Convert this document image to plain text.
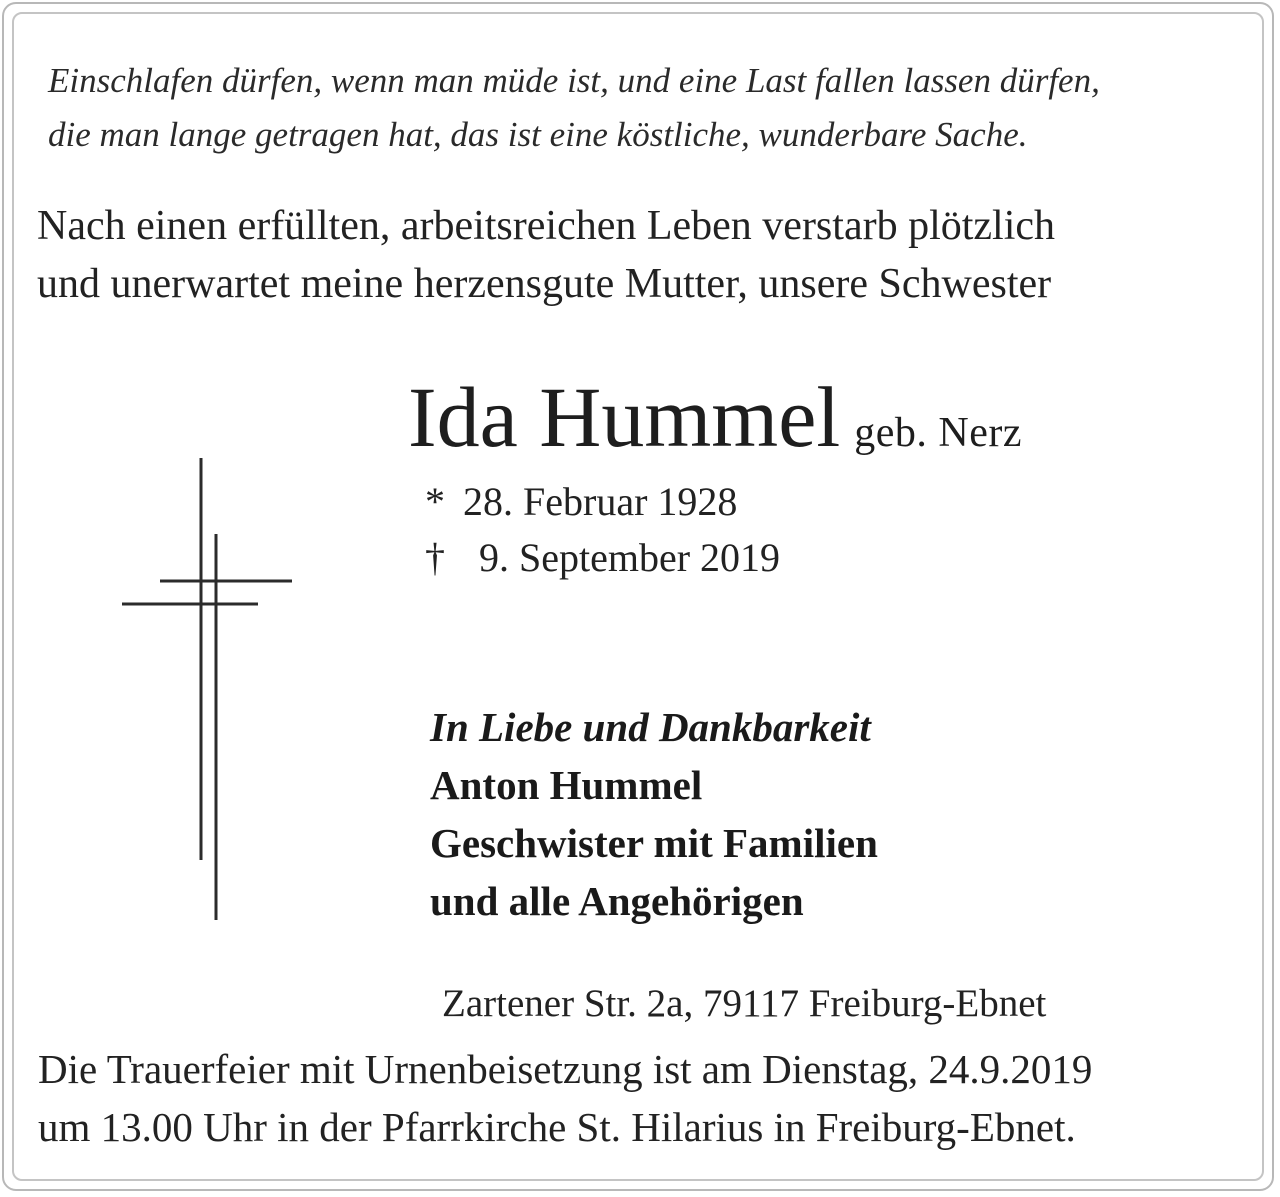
Einschlafen dürfen, wenn man müde ist, und eine Last fallen lassen dürfen,
die man lange getragen hat, das ist eine köstliche, wunderbare Sache.
Nach einen erfüllten, arbeitsreichen Leben verstarb plötzlich
und unerwartet meine herzensgute Mutter, unsere Schwester
Ida Hummel geb. Nerz
* 28. Februar 1928
† 9. September 2019
In Liebe und Dankbarkeit
Anton Hummel
Geschwister mit Familien
und alle Angehörigen
Zartener Str. 2a, 79117 Freiburg-Ebnet
Die Trauerfeier mit Urnenbeisetzung ist am Dienstag, 24.9.2019
um 13.00 Uhr in der Pfarrkirche St. Hilarius in Freiburg-Ebnet.
